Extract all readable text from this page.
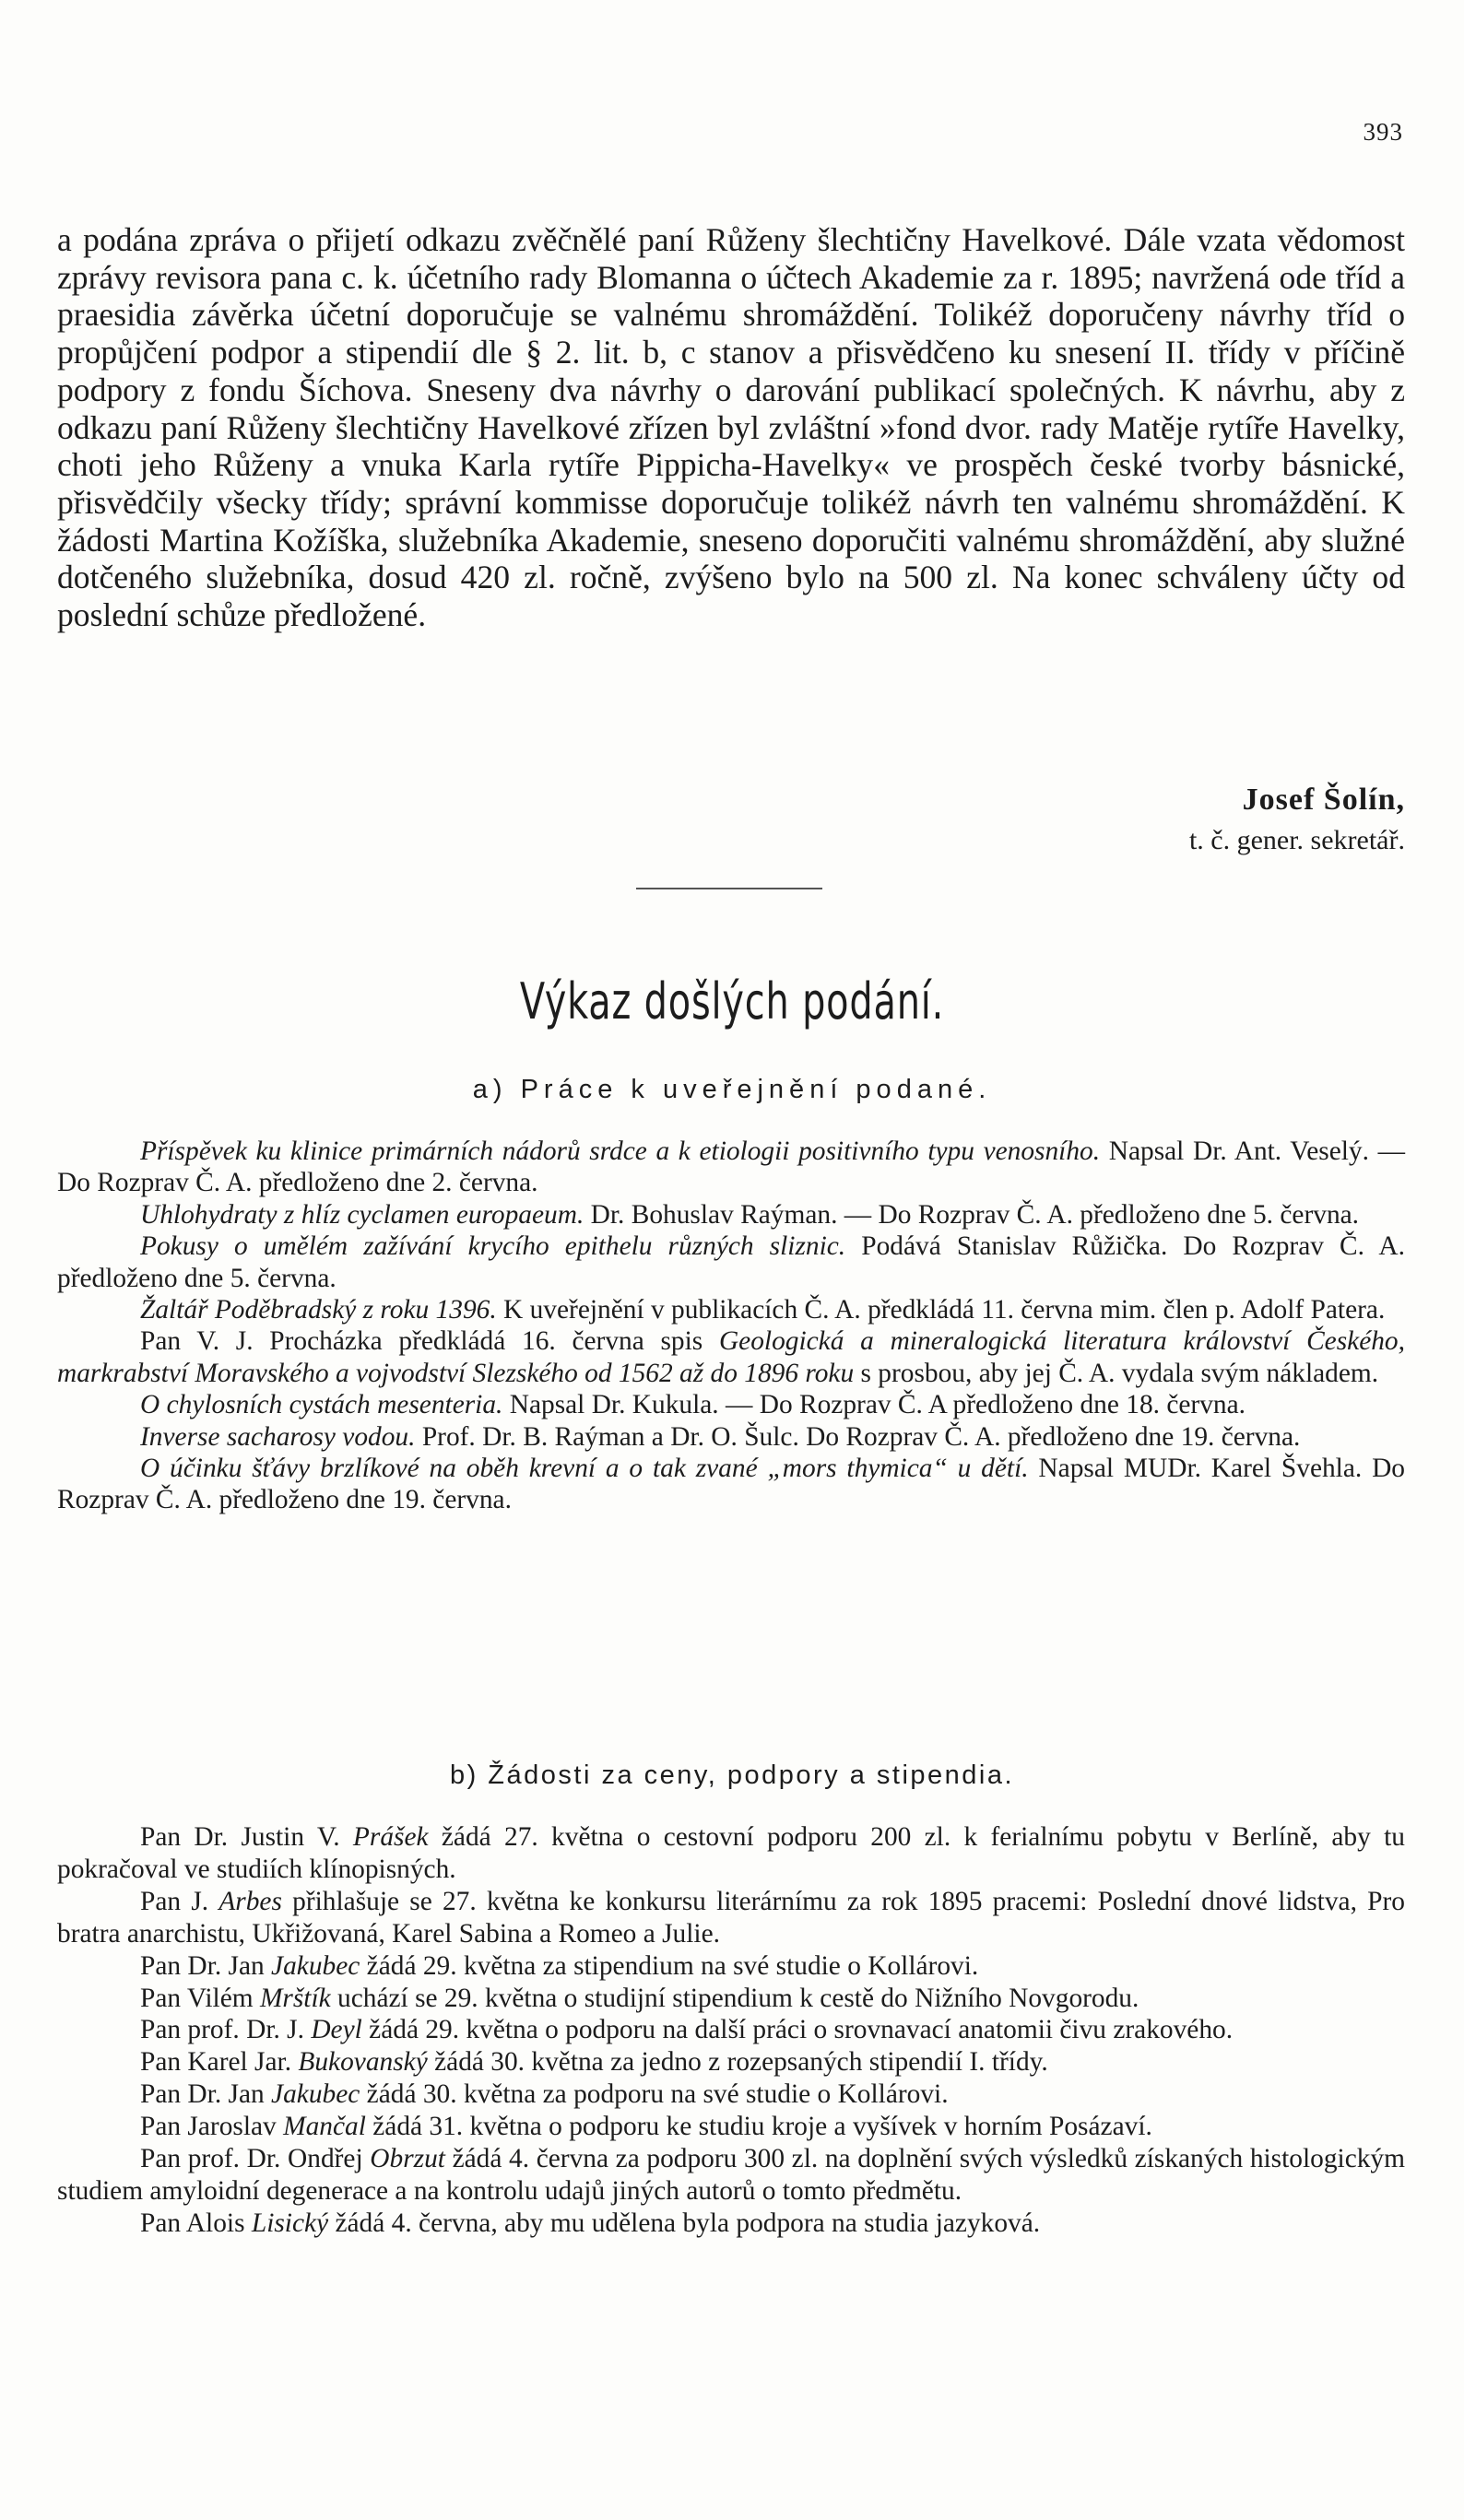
393

a podána zpráva o přijetí odkazu zvěčnělé paní Růženy šlechtičny Havelkové. Dále vzata vědomost zprávy revisora pana c. k. účetního rady Blomanna o účtech Akademie za r. 1895; navržená ode tříd a praesidia závěrka účetní doporučuje se valnému shromáždění. Tolikéž doporučeny návrhy tříd o propůjčení podpor a stipendií dle § 2. lit. b, c stanov a přisvědčeno ku snesení II. třídy v příčině podpory z fondu Šíchova. Sneseny dva návrhy o darování publikací společných. K návrhu, aby z odkazu paní Růženy šlechtičny Havelkové zřízen byl zvláštní »fond dvor. rady Matěje rytíře Havelky, choti jeho Růženy a vnuka Karla rytíře Pippicha-Havelky« ve prospěch české tvorby básnické, přisvědčily všecky třídy; správní kommisse doporučuje tolikéž návrh ten valnému shromáždění. K žádosti Martina Kožíška, služebníka Akademie, sneseno doporučiti valnému shromáždění, aby služné dotčeného služebníka, dosud 420 zl. ročně, zvýšeno bylo na 500 zl. Na konec schváleny účty od poslední schůze předložené.

Josef Šolín,
t. č. gener. sekretář.
Výkaz došlých podání.
a) Práce k uveřejnění podané.

Příspěvek ku klinice primárních nádorů srdce a k etiologii positivního typu venosního. Napsal Dr. Ant. Veselý. — Do Rozprav Č. A. předloženo dne 2. června.

Uhlohydraty z hlíz cyclamen europaeum. Dr. Bohuslav Raýman. — Do Rozprav Č. A. předloženo dne 5. června.

Pokusy o umělém zažívání krycího epithelu různých sliznic. Podává Stanislav Růžička. Do Rozprav Č. A. předloženo dne 5. června.

Žaltář Poděbradský z roku 1396. K uveřejnění v publikacích Č. A. předkládá 11. června mim. člen p. Adolf Patera.

Pan V. J. Procházka předkládá 16. června spis Geologická a mineralogická literatura království Českého, markrabství Moravského a vojvodství Slezského od 1562 až do 1896 roku s prosbou, aby jej Č. A. vydala svým nákladem.

O chylosních cystách mesenteria. Napsal Dr. Kukula. — Do Rozprav Č. A předloženo dne 18. června.

Inverse sacharosy vodou. Prof. Dr. B. Raýman a Dr. O. Šulc. Do Rozprav Č. A. předloženo dne 19. června.

O účinku šťávy brzlíkové na oběh krevní a o tak zvané „mors thymica“ u dětí. Napsal MUDr. Karel Švehla. Do Rozprav Č. A. předloženo dne 19. června.

b) Žádosti za ceny, podpory a stipendia.

Pan Dr. Justin V. Prášek žádá 27. května o cestovní podporu 200 zl. k ferialnímu pobytu v Berlíně, aby tu pokračoval ve studiích klínopisných.

Pan J. Arbes přihlašuje se 27. května ke konkursu literárnímu za rok 1895 pracemi: Poslední dnové lidstva, Pro bratra anarchistu, Ukřižovaná, Karel Sabina a Romeo a Julie.

Pan Dr. Jan Jakubec žádá 29. května za stipendium na své studie o Kollárovi.

Pan Vilém Mrštík uchází se 29. května o studijní stipendium k cestě do Nižního Novgorodu.

Pan prof. Dr. J. Deyl žádá 29. května o podporu na další práci o srovnavací anatomii čivu zrakového.

Pan Karel Jar. Bukovanský žádá 30. května za jedno z rozepsaných stipendií I. třídy.

Pan Dr. Jan Jakubec žádá 30. května za podporu na své studie o Kollárovi.

Pan Jaroslav Mančal žádá 31. května o podporu ke studiu kroje a vyšívek v horním Posázaví.

Pan prof. Dr. Ondřej Obrzut žádá 4. června za podporu 300 zl. na doplnění svých výsledků získaných histologickým studiem amyloidní degenerace a na kontrolu udajů jiných autorů o tomto předmětu.

Pan Alois Lisický žádá 4. června, aby mu udělena byla podpora na studia jazyková.
